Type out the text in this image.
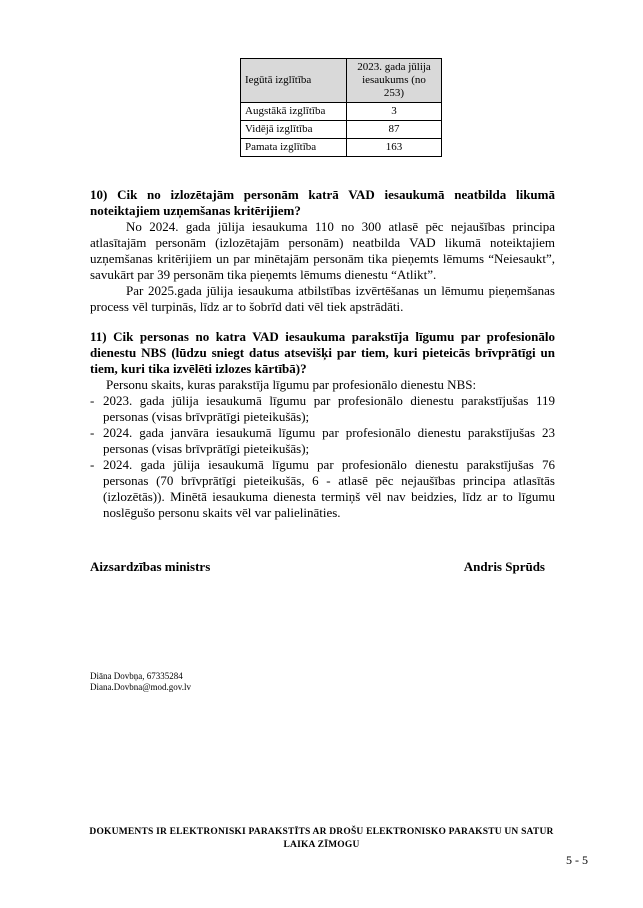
Iegūtā izglītība	2023. gada jūlija iesaukums (no 253)
Augstākā izglītība	3
Vidējā izglītība	87
Pamata izglītība	163

10) Cik no izlozētajām personām katrā VAD iesaukumā neatbilda likumā noteiktajiem uzņemšanas kritērijiem?

No 2024. gada jūlija iesaukuma 110 no 300 atlasē pēc nejaušības principa atlasītajām personām (izlozētajām personām) neatbilda VAD likumā noteiktajiem uzņemšanas kritērijiem un par minētajām personām tika pieņemts lēmums “Neiesaukt”, savukārt par 39 personām tika pieņemts lēmums dienestu “Atlikt”.

Par 2025.gada jūlija iesaukuma atbilstības izvērtēšanas un lēmumu pieņemšanas process vēl turpinās, līdz ar to šobrīd dati vēl tiek apstrādāti.

11) Cik personas no katra VAD iesaukuma parakstīja līgumu par profesionālo dienestu NBS (lūdzu sniegt datus atsevišķi par tiem, kuri pieteicās brīvprātīgi un tiem, kuri tika izvēlēti izlozes kārtībā)?

Personu skaits, kuras parakstīja līgumu par profesionālo dienestu NBS:

- 2023. gada jūlija iesaukumā līgumu par profesionālo dienestu parakstījušas 119 personas (visas brīvprātīgi pieteikušās);
- 2024. gada janvāra iesaukumā līgumu par profesionālo dienestu parakstījušas 23 personas (visas brīvprātīgi pieteikušās);
- 2024. gada jūlija iesaukumā līgumu par profesionālo dienestu parakstījušas 76 personas (70 brīvprātīgi pieteikušās, 6 - atlasē pēc nejaušības principa atlasītās (izlozētās)). Minētā iesaukuma dienesta termiņš vēl nav beidzies, līdz ar to līgumu noslēgušo personu skaits vēl var palielināties.
Aizsardzības ministrs	Andris Sprūds
Diāna Dovbņa, 67335284
Diana.Dovbna@mod.gov.lv
DOKUMENTS IR ELEKTRONISKI PARAKSTĪTS AR DROŠU ELEKTRONISKO PARAKSTU UN SATUR LAIKA ZĪMOGU
5 - 5
